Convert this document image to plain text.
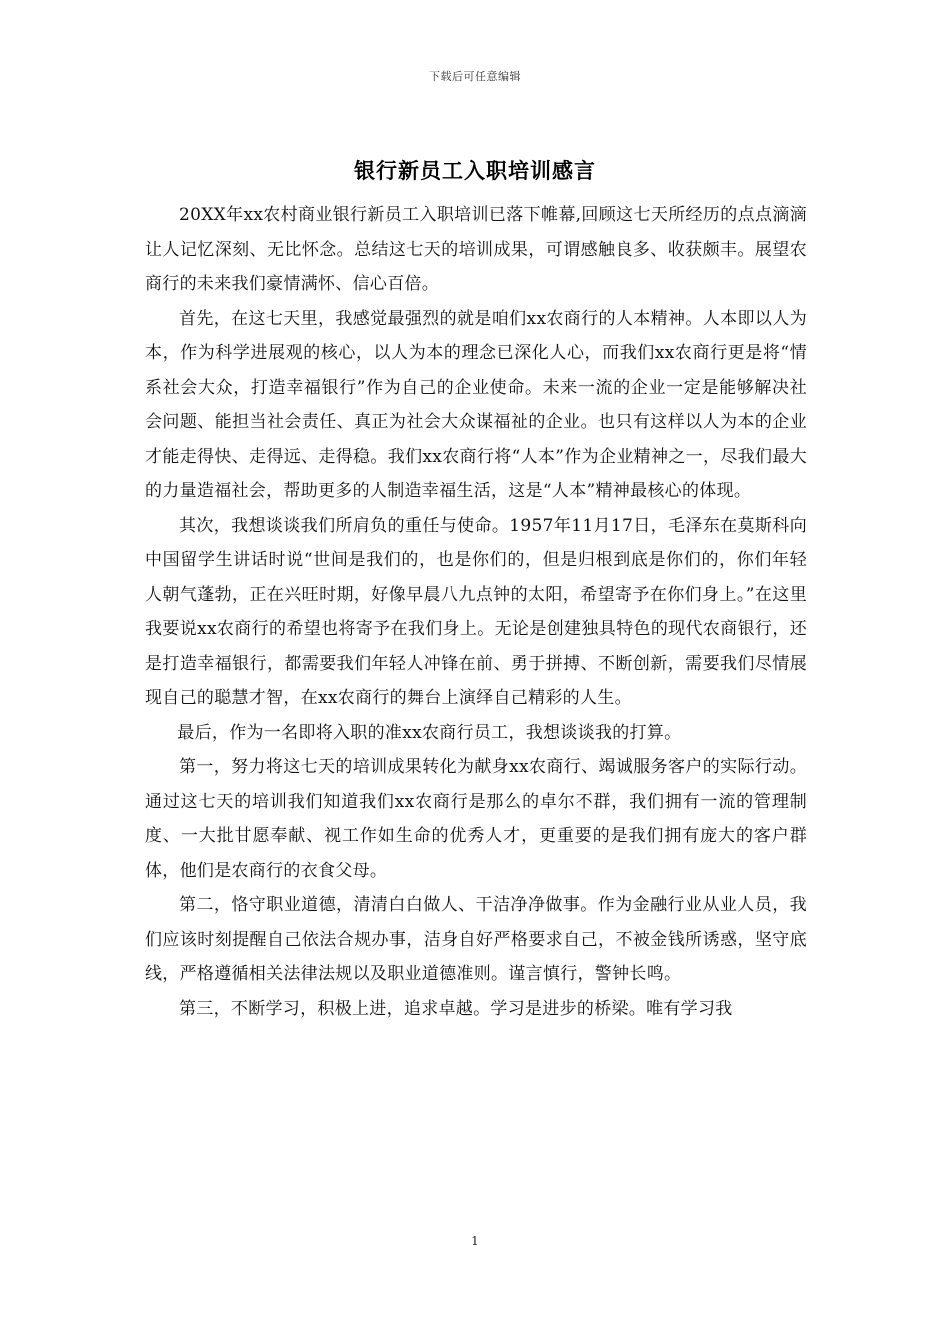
下载后可任意编辑
银行新员工入职培训感言

20XX年xx农村商业银行新员工入职培训已落下帷幕,回顾这七天所经历的点点滴滴让人记忆深刻、无比怀念。总结这七天的培训成果，可谓感触良多、收获颇丰。展望农商行的未来我们豪情满怀、信心百倍。

首先，在这七天里，我感觉最强烈的就是咱们xx农商行的人本精神。人本即以人为本，作为科学进展观的核心，以人为本的理念已深化人心，而我们xx农商行更是将“情系社会大众，打造幸福银行”作为自己的企业使命。未来一流的企业一定是能够解决社会问题、能担当社会责任、真正为社会大众谋福祉的企业。也只有这样以人为本的企业才能走得快、走得远、走得稳。我们xx农商行将“人本”作为企业精神之一，尽我们最大的力量造福社会，帮助更多的人制造幸福生活，这是“人本”精神最核心的体现。

其次，我想谈谈我们所肩负的重任与使命。1957年11月17日，毛泽东在莫斯科向中国留学生讲话时说“世间是我们的，也是你们的，但是归根到底是你们的，你们年轻人朝气蓬勃，正在兴旺时期，好像早晨八九点钟的太阳，希望寄予在你们身上。”在这里我要说xx农商行的希望也将寄予在我们身上。无论是创建独具特色的现代农商银行，还是打造幸福银行，都需要我们年轻人冲锋在前、勇于拼搏、不断创新，需要我们尽情展现自己的聪慧才智，在xx农商行的舞台上演绎自己精彩的人生。

最后，作为一名即将入职的准xx农商行员工，我想谈谈我的打算。

第一，努力将这七天的培训成果转化为献身xx农商行、竭诚服务客户的实际行动。通过这七天的培训我们知道我们xx农商行是那么的卓尔不群，我们拥有一流的管理制度、一大批甘愿奉献、视工作如生命的优秀人才，更重要的是我们拥有庞大的客户群体，他们是农商行的衣食父母。

第二，恪守职业道德，清清白白做人、干洁净净做事。作为金融行业从业人员，我们应该时刻提醒自己依法合规办事，洁身自好严格要求自己，不被金钱所诱惑，坚守底线，严格遵循相关法律法规以及职业道德准则。谨言慎行，警钟长鸣。

第三，不断学习，积极上进，追求卓越。学习是进步的桥梁。唯有学习我

1
